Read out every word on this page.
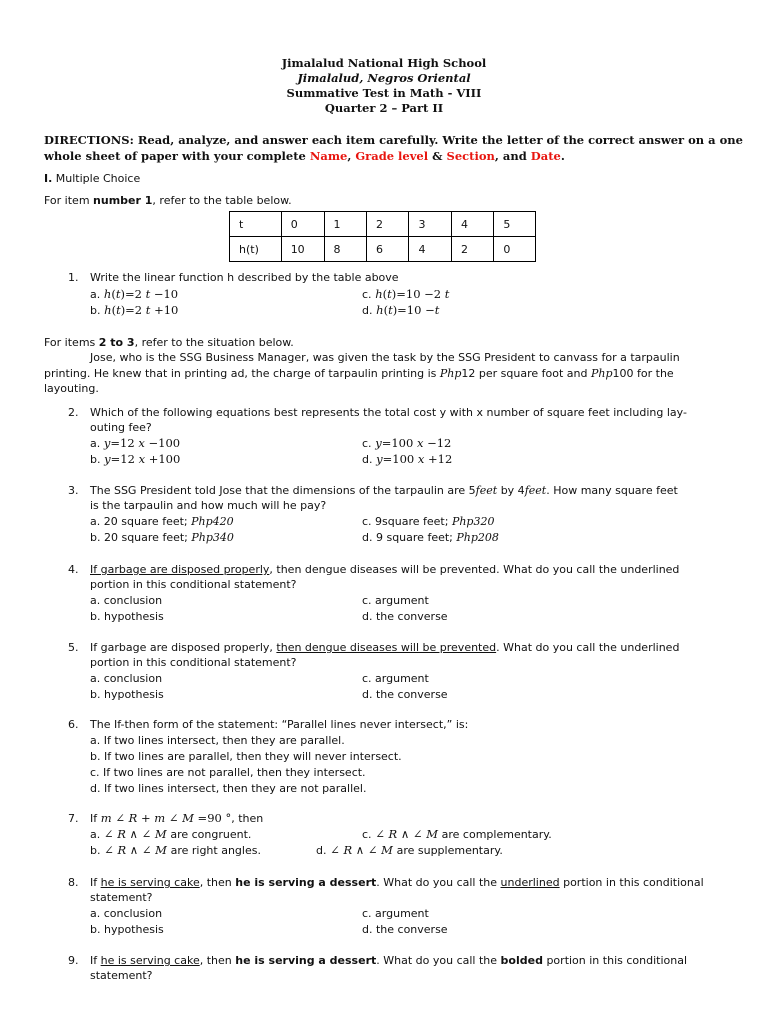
Jimalalud National High School
Jimalalud, Negros Oriental
Summative Test in Math - VIII
Quarter 2 – Part II
DIRECTIONS: Read, analyze, and answer each item carefully. Write the letter of the correct answer on a one
whole sheet of paper with your complete Name, Grade level & Section, and Date.
I. Multiple Choice
For item number 1, refer to the table below.
t	0	1	2	3	4	5
h(t)	10	8	6	4	2	0
1. Write the linear function h described by the table above
a. h(t)=2 t −10
b. h(t)=2 t +10
c. h(t)=10 −2 t
d. h(t)=10 −t
For items 2 to 3, refer to the situation below.
Jose, who is the SSG Business Manager, was given the task by the SSG President to canvass for a tarpaulin
printing. He knew that in printing ad, the charge of tarpaulin printing is Php12 per square foot and Php100 for the
layouting.
2. Which of the following equations best represents the total cost y with x number of square feet including lay-
outing fee?
a. y=12 x −100
b. y=12 x +100
c. y=100 x −12
d. y=100 x +12
3. The SSG President told Jose that the dimensions of the tarpaulin are 5feet by 4feet. How many square feet
is the tarpaulin and how much will he pay?
a. 20 square feet; Php420
b. 20 square feet; Php340
c. 9square feet; Php320
d. 9 square feet; Php208
4. If garbage are disposed properly, then dengue diseases will be prevented. What do you call the underlined
portion in this conditional statement?
a. conclusion
b. hypothesis
c. argument
d. the converse
5. If garbage are disposed properly, then dengue diseases will be prevented. What do you call the underlined
portion in this conditional statement?
a. conclusion
b. hypothesis
c. argument
d. the converse
6. The If-then form of the statement: “Parallel lines never intersect,” is:
a. If two lines intersect, then they are parallel.
b. If two lines are parallel, then they will never intersect.
c. If two lines are not parallel, then they intersect.
d. If two lines intersect, then they are not parallel.
7. If m ∠ R + m ∠ M =90 °, then
a. ∠ R ∧ ∠ M are congruent.
b. ∠ R ∧ ∠ M are right angles.
c. ∠ R ∧ ∠ M are complementary.
d. ∠ R ∧ ∠ M are supplementary.
8. If he is serving cake, then he is serving a dessert. What do you call the underlined portion in this conditional
statement?
a. conclusion
b. hypothesis
c. argument
d. the converse
9. If he is serving cake, then he is serving a dessert. What do you call the bolded portion in this conditional
statement?
